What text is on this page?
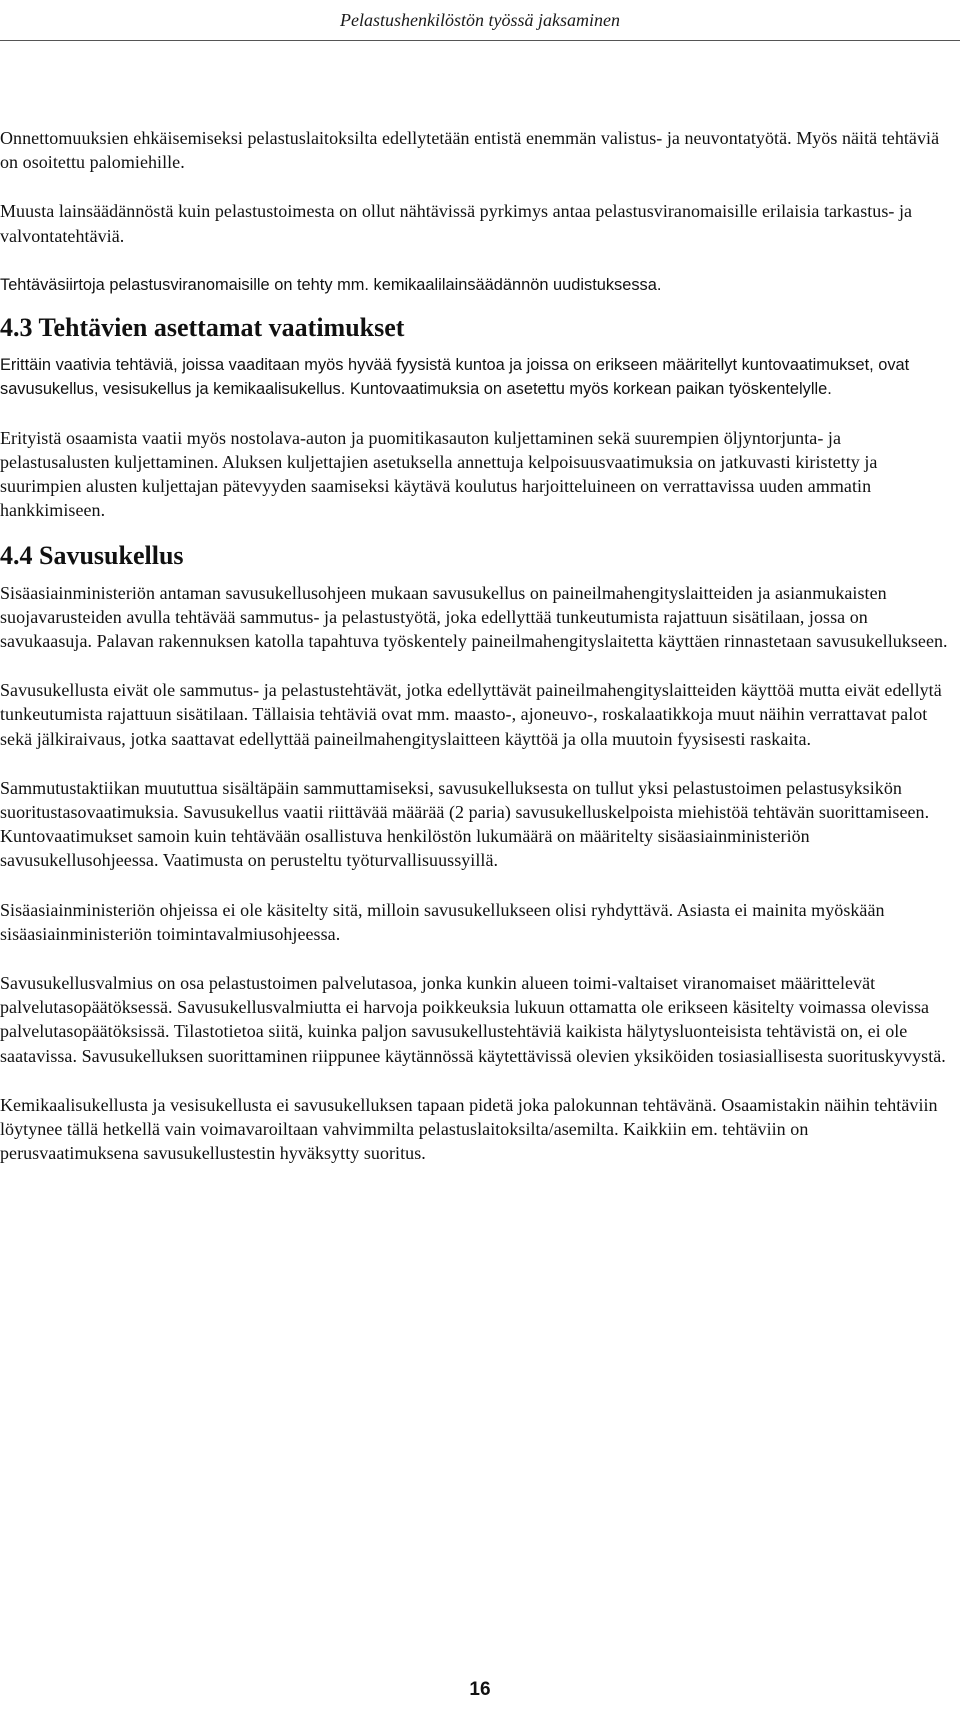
Pelastushenkilöstön työssä jaksaminen

Onnettomuuksien ehkäisemiseksi pelastuslaitoksilta edellytetään entistä enemmän valistus- ja neuvontatyötä. Myös näitä tehtäviä on osoitettu palomiehille.

Muusta lainsäädännöstä kuin pelastustoimesta on ollut nähtävissä pyrkimys antaa pelastusviranomaisille erilaisia tarkastus- ja valvontatehtäviä.

Tehtäväsiirtoja pelastusviranomaisille on tehty mm. kemikaalilainsäädännön uudistuksessa.

4.3 Tehtävien asettamat vaatimukset

Erittäin vaativia tehtäviä, joissa vaaditaan myös hyvää fyysistä kuntoa ja joissa on erikseen määritellyt kuntovaatimukset, ovat savusukellus, vesisukellus ja kemikaalisukellus. Kuntovaatimuksia on asetettu myös korkean paikan työskentelylle.

Erityistä osaamista vaatii myös nostolava-auton ja puomitikasauton kuljettaminen sekä suurempien öljyntorjunta- ja pelastusalusten kuljettaminen. Aluksen kuljettajien asetuksella annettuja kelpoisuusvaatimuksia on jatkuvasti kiristetty ja suurimpien alusten kuljettajan pätevyyden saamiseksi käytävä koulutus harjoitteluineen on verrattavissa uuden ammatin hankkimiseen.

4.4 Savusukellus

Sisäasiainministeriön antaman savusukellusohjeen mukaan savusukellus on paineilmahengityslaitteiden ja asianmukaisten suojavarusteiden avulla tehtävää sammutus- ja pelastustyötä, joka edellyttää tunkeutumista rajattuun sisätilaan, jossa on savukaasuja. Palavan rakennuksen katolla tapahtuva työskentely paineilmahengityslaitetta käyttäen rinnastetaan savusukellukseen.

Savusukellusta eivät ole sammutus- ja pelastustehtävät, jotka edellyttävät paineilmahengityslaitteiden käyttöä mutta eivät edellytä tunkeutumista rajattuun sisätilaan. Tällaisia tehtäviä ovat mm. maasto-, ajoneuvo-, roskalaatikkoja muut näihin verrattavat palot sekä jälkiraivaus, jotka saattavat edellyttää paineilmahengityslaitteen käyttöä ja olla muutoin fyysisesti raskaita.

Sammutustaktiikan muututtua sisältäpäin sammuttamiseksi, savusukelluksesta on tullut yksi pelastustoimen pelastusyksikön suoritustasovaatimuksia. Savusukellus vaatii riittävää määrää (2 paria) savusukelluskelpoista miehistöä tehtävän suorittamiseen. Kuntovaatimukset samoin kuin tehtävään osallistuva henkilöstön lukumäärä on määritelty sisäasiainministeriön savusukellusohjeessa. Vaatimusta on perusteltu työturvallisuussyillä.

Sisäasiainministeriön ohjeissa ei ole käsitelty sitä, milloin savusukellukseen olisi ryhdyttävä. Asiasta ei mainita myöskään sisäasiainministeriön toimintavalmiusohjeessa.

Savusukellusvalmius on osa pelastustoimen palvelutasoa, jonka kunkin alueen toimi-valtaiset viranomaiset määrittelevät palvelutasopäätöksessä. Savusukellusvalmiutta ei harvoja poikkeuksia lukuun ottamatta ole erikseen käsitelty voimassa olevissa palvelutasopäätöksissä. Tilastotietoa siitä, kuinka paljon savusukellustehtäviä kaikista hälytysluonteisista tehtävistä on, ei ole saatavissa. Savusukelluksen suorittaminen riippunee käytännössä käytettävissä olevien yksiköiden tosiasiallisesta suorituskyvystä.

Kemikaalisukellusta ja vesisukellusta ei savusukelluksen tapaan pidetä joka palokunnan tehtävänä. Osaamistakin näihin tehtäviin löytynee tällä hetkellä vain voimavaroiltaan vahvimmilta pelastuslaitoksilta/asemilta. Kaikkiin em. tehtäviin on perusvaatimuksena savusukellustestin hyväksytty suoritus.

16
